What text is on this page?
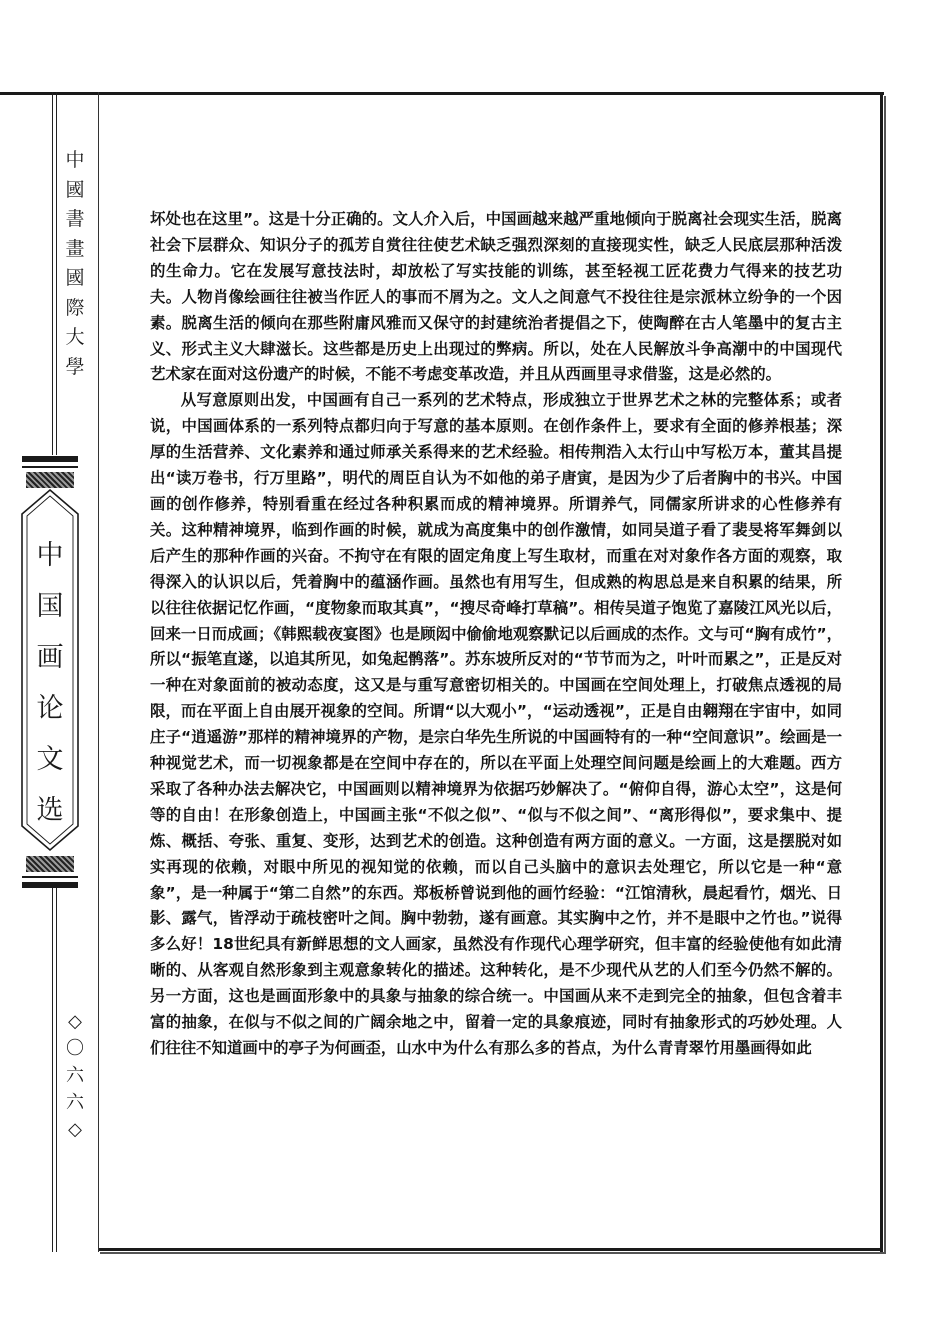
中國書畫國際大學
中国画论文选
◇
〇六六
◇

坏处也在这里”。这是十分正确的。文人介入后，中国画越来越严重地倾向于脱离社会现实生活，脱离社会下层群众、知识分子的孤芳自赏往往使艺术缺乏强烈深刻的直接现实性，缺乏人民底层那种活泼的生命力。它在发展写意技法时，却放松了写实技能的训练，甚至轻视工匠花费力气得来的技艺功夫。人物肖像绘画往往被当作匠人的事而不屑为之。文人之间意气不投往往是宗派林立纷争的一个因素。脱离生活的倾向在那些附庸风雅而又保守的封建统治者提倡之下，使陶醉在古人笔墨中的复古主义、形式主义大肆滋长。这些都是历史上出现过的弊病。所以，处在人民解放斗争高潮中的中国现代艺术家在面对这份遗产的时候，不能不考虑变革改造，并且从西画里寻求借鉴，这是必然的。

从写意原则出发，中国画有自己一系列的艺术特点，形成独立于世界艺术之林的完整体系；或者说，中国画体系的一系列特点都归向于写意的基本原则。在创作条件上，要求有全面的修养根基；深厚的生活营养、文化素养和通过师承关系得来的艺术经验。相传荆浩入太行山中写松万本，董其昌提出“读万卷书，行万里路”，明代的周臣自认为不如他的弟子唐寅，是因为少了后者胸中的书兴。中国画的创作修养，特别看重在经过各种积累而成的精神境界。所谓养气，同儒家所讲求的心性修养有关。这种精神境界，临到作画的时候，就成为高度集中的创作激情，如同吴道子看了裴旻将军舞剑以后产生的那种作画的兴奋。不拘守在有限的固定角度上写生取材，而重在对对象作各方面的观察，取得深入的认识以后，凭着胸中的蕴涵作画。虽然也有用写生，但成熟的构思总是来自积累的结果，所以往往依据记忆作画，“度物象而取其真”，“搜尽奇峰打草稿”。相传吴道子饱览了嘉陵江风光以后，回来一日而成画；《韩熙载夜宴图》也是顾闳中偷偷地观察默记以后画成的杰作。文与可“胸有成竹”，所以“振笔直遂，以追其所见，如兔起鹘落”。苏东坡所反对的“节节而为之，叶叶而累之”，正是反对一种在对象面前的被动态度，这又是与重写意密切相关的。中国画在空间处理上，打破焦点透视的局限，而在平面上自由展开视象的空间。所谓“以大观小”，“运动透视”，正是自由翱翔在宇宙中，如同庄子“逍遥游”那样的精神境界的产物，是宗白华先生所说的中国画特有的一种“空间意识”。绘画是一种视觉艺术，而一切视象都是在空间中存在的，所以在平面上处理空间问题是绘画上的大难题。西方采取了各种办法去解决它，中国画则以精神境界为依据巧妙解决了。“俯仰自得，游心太空”，这是何等的自由！在形象创造上，中国画主张“不似之似”、“似与不似之间”、“离形得似”，要求集中、提炼、概括、夸张、重复、变形，达到艺术的创造。这种创造有两方面的意义。一方面，这是摆脱对如实再现的依赖，对眼中所见的视知觉的依赖，而以自己头脑中的意识去处理它，所以它是一种“意象”，是一种属于“第二自然”的东西。郑板桥曾说到他的画竹经验：“江馆清秋，晨起看竹，烟光、日影、露气，皆浮动于疏枝密叶之间。胸中勃勃，遂有画意。其实胸中之竹，并不是眼中之竹也。”说得多么好！18世纪具有新鲜思想的文人画家，虽然没有作现代心理学研究，但丰富的经验使他有如此清晰的、从客观自然形象到主观意象转化的描述。这种转化，是不少现代从艺的人们至今仍然不解的。另一方面，这也是画面形象中的具象与抽象的综合统一。中国画从来不走到完全的抽象，但包含着丰富的抽象，在似与不似之间的广阔余地之中，留着一定的具象痕迹，同时有抽象形式的巧妙处理。人们往往不知道画中的亭子为何画歪，山水中为什么有那么多的苔点，为什么青青翠竹用墨画得如此
